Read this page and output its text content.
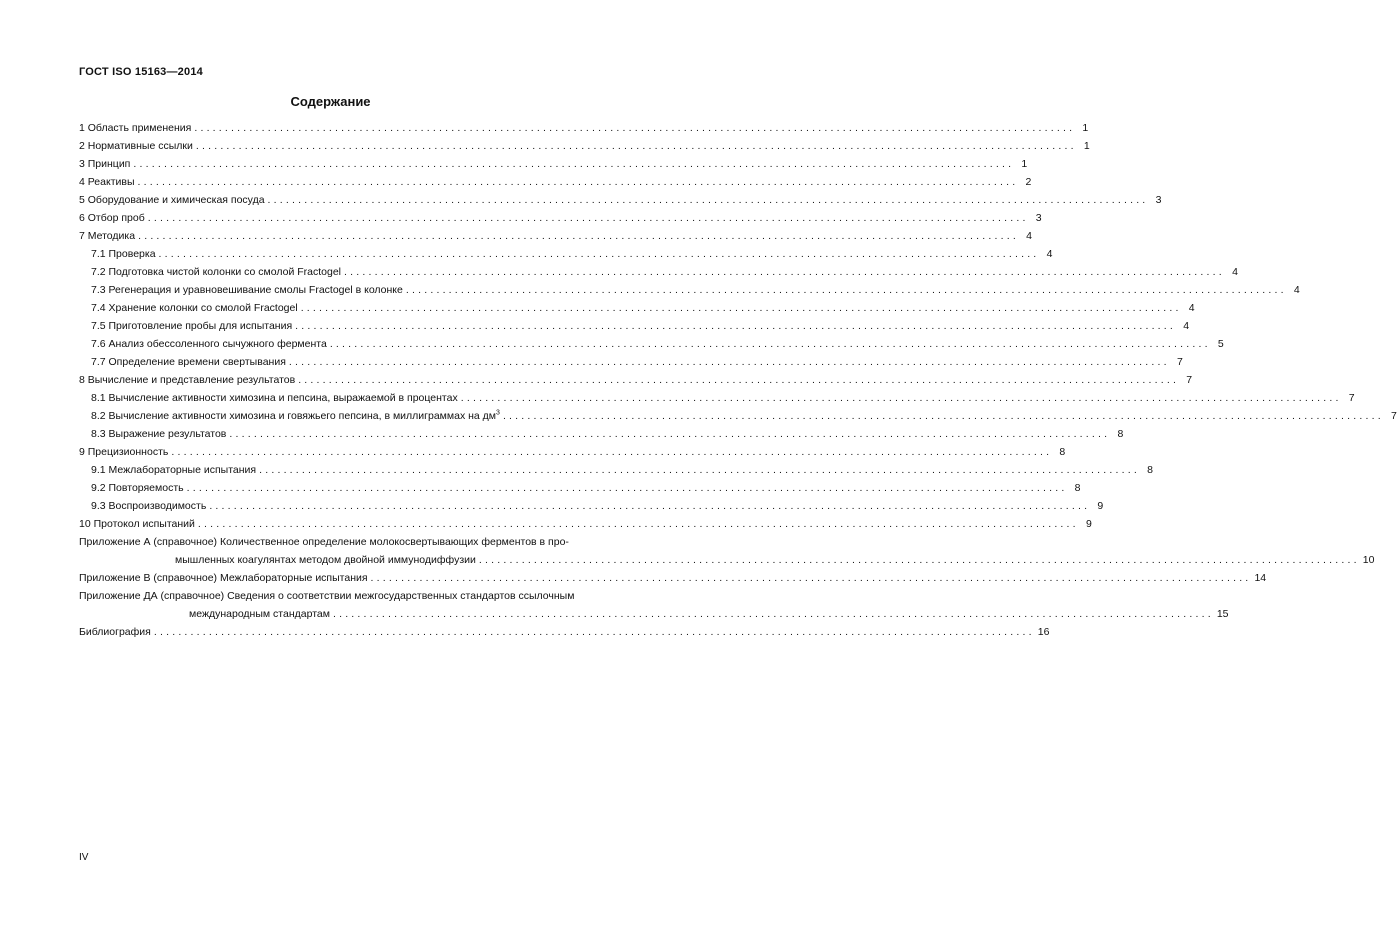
ГОСТ ISO 15163—2014
Содержание
1 Область применения ................................................................................................................................................ 1
2 Нормативные ссылки ................................................................................................................................................ 1
3 Принцип ................................................................................................................................................ 1
4 Реактивы ................................................................................................................................................ 2
5 Оборудование и химическая посуда ................................................................................................................................................ 3
6 Отбор проб ................................................................................................................................................ 3
7 Методика ................................................................................................................................................ 4
7.1 Проверка ................................................................................................................................................ 4
7.2 Подготовка чистой колонки со смолой Fractogel ................................................................................................................................................ 4
7.3 Регенерация и уравновешивание смолы Fractogel в колонке ................................................................................................................................................ 4
7.4 Хранение колонки со смолой Fractogel ................................................................................................................................................ 4
7.5 Приготовление пробы для испытания ................................................................................................................................................ 4
7.6 Анализ обессоленного сычужного фермента ................................................................................................................................................ 5
7.7 Определение времени свертывания ................................................................................................................................................ 7
8 Вычисление и представление результатов ................................................................................................................................................ 7
8.1 Вычисление активности химозина и пепсина, выражаемой в процентах ................................................................................................................................................ 7
8.2 Вычисление активности химозина и говяжьего пепсина, в миллиграммах на $дм^3$ ................................................................................................................................................ 7
8.3 Выражение результатов ................................................................................................................................................ 8
9 Прецизионность ................................................................................................................................................ 8
9.1 Межлабораторные испытания ................................................................................................................................................ 8
9.2 Повторяемость ................................................................................................................................................ 8
9.3 Воспроизводимость ................................................................................................................................................ 9
10 Протокол испытаний ................................................................................................................................................ 9
Приложение А (справочное) Количественное определение молокосвертывающих ферментов в про-
мышленных коагулянтах методом двойной иммунодиффузии ................................................................................................................................................ 10
Приложение В (справочное) Межлабораторные испытания ................................................................................................................................................ 14
Приложение ДА (справочное) Сведения о соответствии межгосударственных стандартов ссылочным
международным стандартам ................................................................................................................................................ 15
Библиография ................................................................................................................................................ 16
IV
